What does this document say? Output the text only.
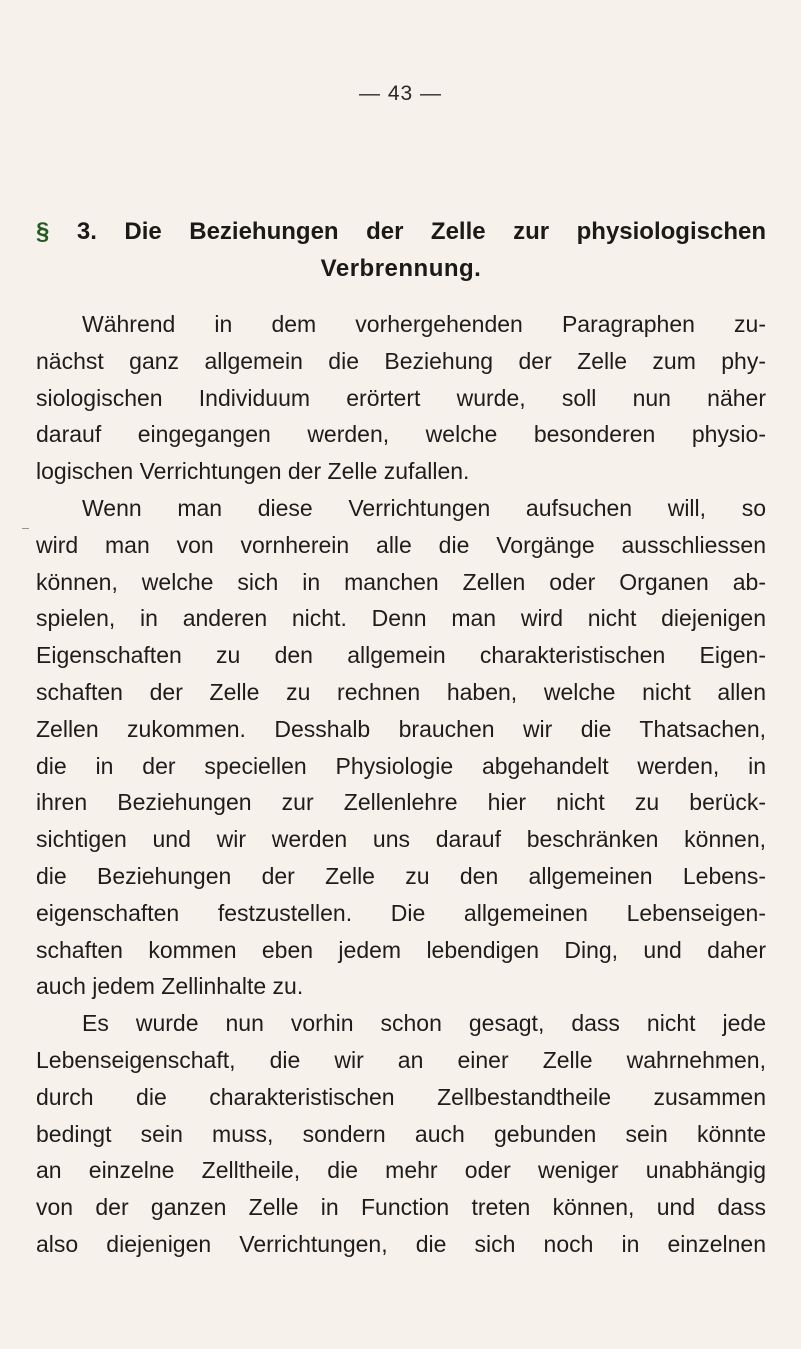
— 43 —
§ 3. Die Beziehungen der Zelle zur physiologischen
Verbrennung.
Während in dem vorhergehenden Paragraphen zu-
nächst ganz allgemein die Beziehung der Zelle zum phy-
siologischen Individuum erörtert wurde, soll nun näher
darauf eingegangen werden, welche besonderen physio-
logischen Verrichtungen der Zelle zufallen.
Wenn man diese Verrichtungen aufsuchen will, so
wird man von vornherein alle die Vorgänge ausschliessen
können, welche sich in manchen Zellen oder Organen ab-
spielen, in anderen nicht. Denn man wird nicht diejenigen
Eigenschaften zu den allgemein charakteristischen Eigen-
schaften der Zelle zu rechnen haben, welche nicht allen
Zellen zukommen. Desshalb brauchen wir die Thatsachen,
die in der speciellen Physiologie abgehandelt werden, in
ihren Beziehungen zur Zellenlehre hier nicht zu berück-
sichtigen und wir werden uns darauf beschränken können,
die Beziehungen der Zelle zu den allgemeinen Lebens-
eigenschaften festzustellen. Die allgemeinen Lebenseigen-
schaften kommen eben jedem lebendigen Ding, und daher
auch jedem Zellinhalte zu.
Es wurde nun vorhin schon gesagt, dass nicht jede
Lebenseigenschaft, die wir an einer Zelle wahrnehmen,
durch die charakteristischen Zellbestandtheile zusammen
bedingt sein muss, sondern auch gebunden sein könnte
an einzelne Zelltheile, die mehr oder weniger unabhängig
von der ganzen Zelle in Function treten können, und dass
also diejenigen Verrichtungen, die sich noch in einzelnen
